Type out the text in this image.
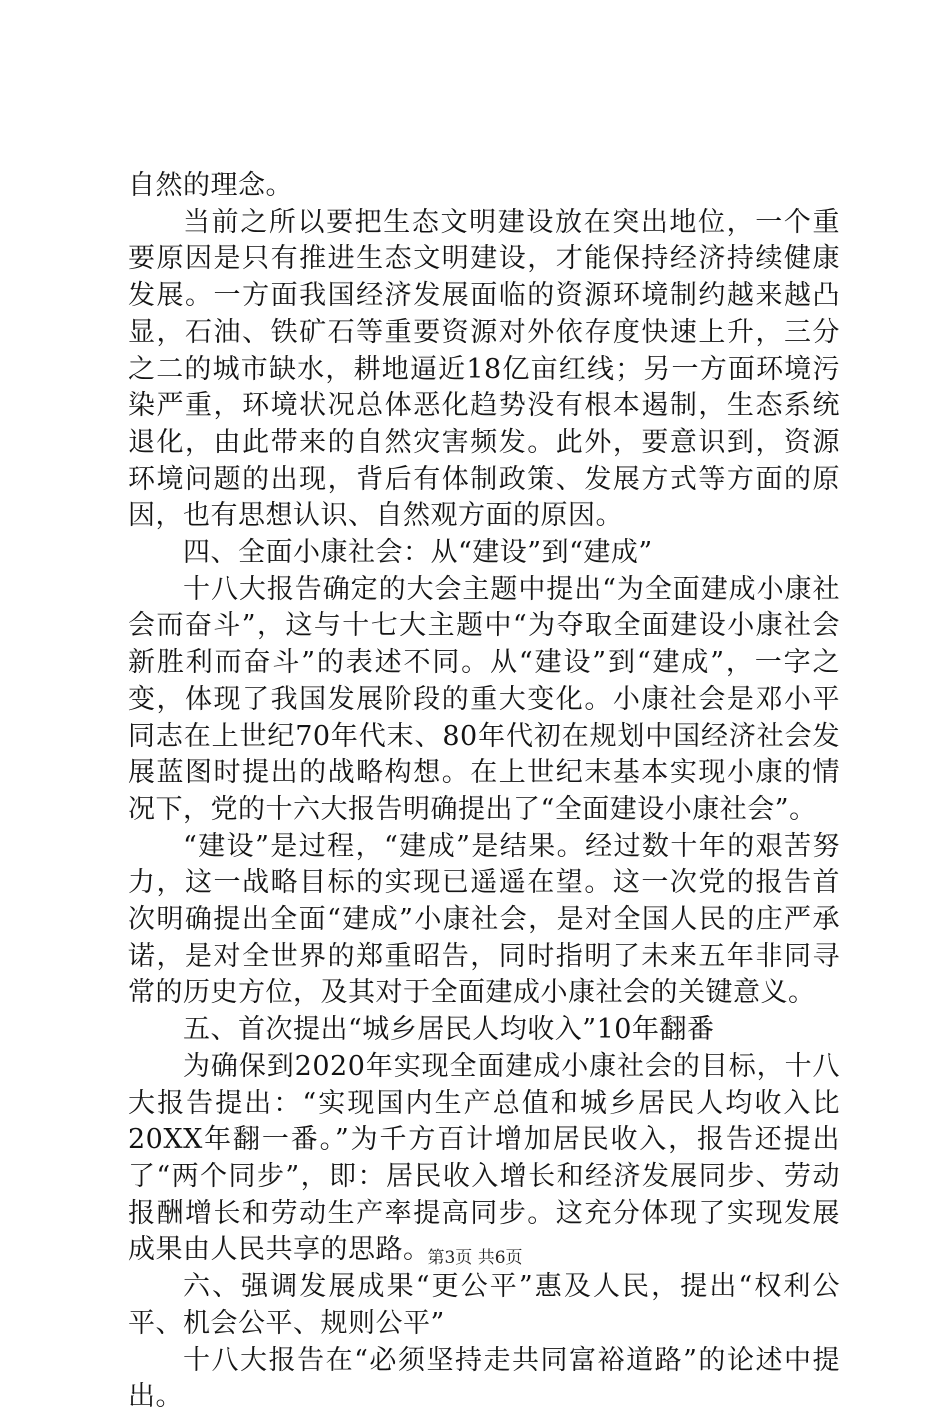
自然的理念。

当前之所以要把生态文明建设放在突出地位，一个重要原因是只有推进生态文明建设，才能保持经济持续健康发展。一方面我国经济发展面临的资源环境制约越来越凸显，石油、铁矿石等重要资源对外依存度快速上升，三分之二的城市缺水，耕地逼近18亿亩红线；另一方面环境污染严重，环境状况总体恶化趋势没有根本遏制，生态系统退化，由此带来的自然灾害频发。此外，要意识到，资源环境问题的出现，背后有体制政策、发展方式等方面的原因，也有思想认识、自然观方面的原因。

四、全面小康社会：从“建设”到“建成”

十八大报告确定的大会主题中提出“为全面建成小康社会而奋斗”，这与十七大主题中“为夺取全面建设小康社会新胜利而奋斗”的表述不同。从“建设”到“建成”，一字之变，体现了我国发展阶段的重大变化。小康社会是邓小平同志在上世纪70年代末、80年代初在规划中国经济社会发展蓝图时提出的战略构想。在上世纪末基本实现小康的情况下，党的十六大报告明确提出了“全面建设小康社会”。

“建设”是过程，“建成”是结果。经过数十年的艰苦努力，这一战略目标的实现已遥遥在望。这一次党的报告首次明确提出全面“建成”小康社会，是对全国人民的庄严承诺，是对全世界的郑重昭告，同时指明了未来五年非同寻常的历史方位，及其对于全面建成小康社会的关键意义。

五、首次提出“城乡居民人均收入”10年翻番

为确保到2020年实现全面建成小康社会的目标，十八大报告提出：“实现国内生产总值和城乡居民人均收入比20XX年翻一番。”为千方百计增加居民收入，报告还提出了“两个同步”，即：居民收入增长和经济发展同步、劳动报酬增长和劳动生产率提高同步。这充分体现了实现发展成果由人民共享的思路。

六、强调发展成果“更公平”惠及人民，提出“权利公平、机会公平、规则公平”

十八大报告在“必须坚持走共同富裕道路”的论述中提出。

第3页 共6页
